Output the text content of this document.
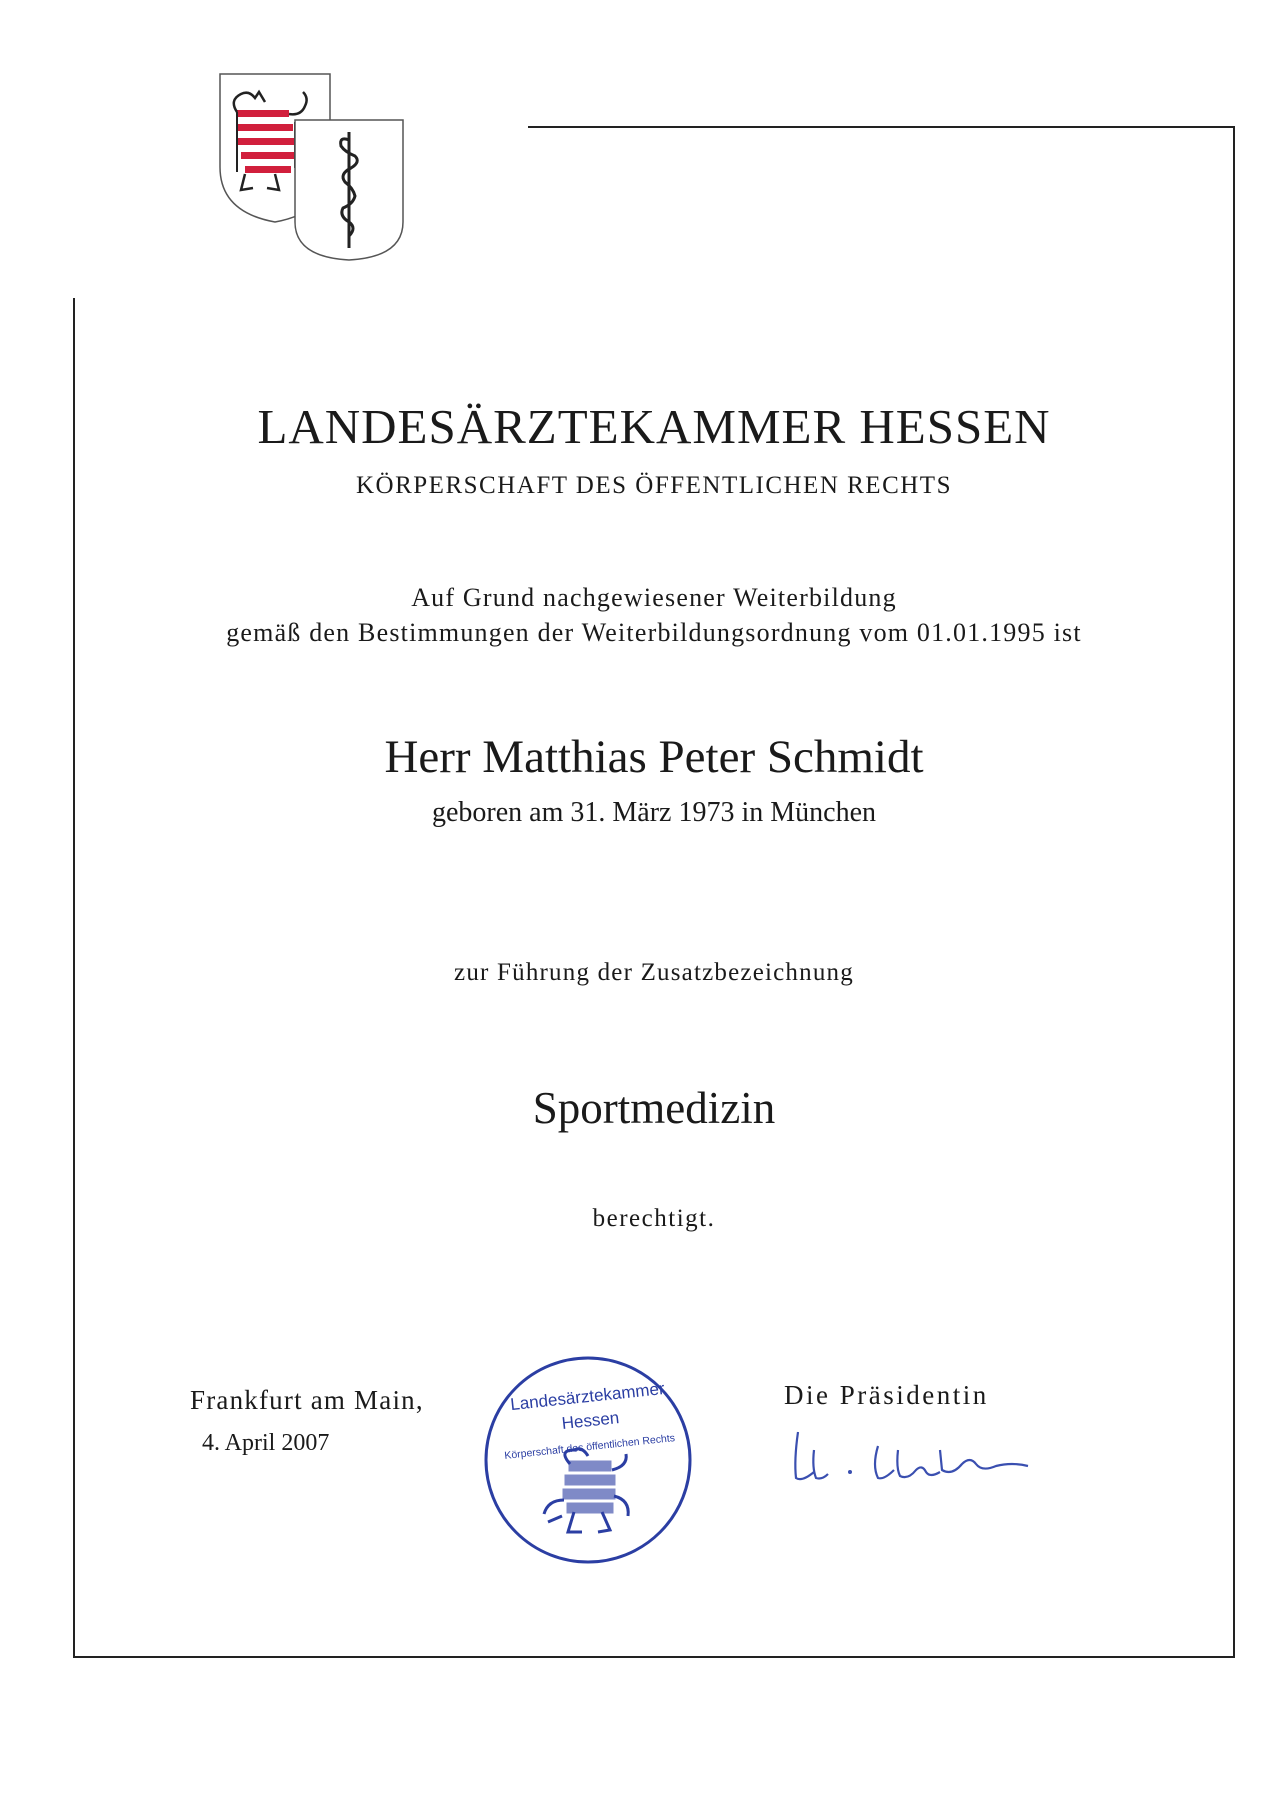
LANDESÄRZTEKAMMER HESSEN
KÖRPERSCHAFT DES ÖFFENTLICHEN RECHTS
Auf Grund nachgewiesener Weiterbildung
gemäß den Bestimmungen der Weiterbildungsordnung vom 01.01.1995 ist
Herr Matthias Peter Schmidt
geboren am 31. März 1973 in München
zur Führung der Zusatzbezeichnung
Sportmedizin
berechtigt.
Frankfurt am Main,
4. April 2007
Die Präsidentin
Landesärztekammer
Hessen
Körperschaft des öffentlichen Rechts
